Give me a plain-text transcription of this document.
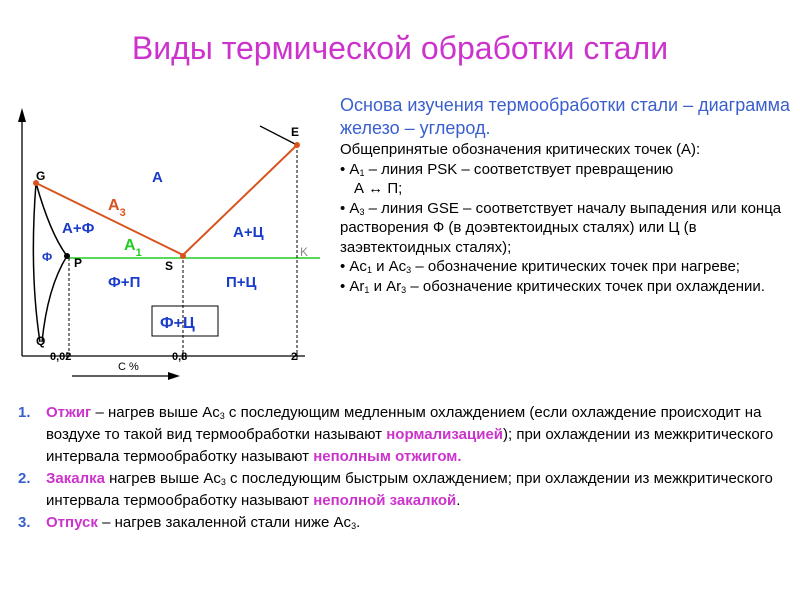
Виды термической обработки стали
G
E
S
P
Q
K
А
А+Ф	А+Ц
Ф
Ф+П	П+Ц
Ф+Ц
$A_3$
$A_1$
0,02	0,8	2
С %
Основа изучения термообработки стали – диаграмма железо – углерод.

Общепринятые обозначения критических точек (А):

• $А_1$ – линия PSK – соответствует превращению

А ↔ П;

• $А_3$ – линия GSE – соответствует началу выпадения или конца растворения Ф (в доэвтектоидных сталях) или Ц (в заэвтектоидных сталях);

• $Ас_1$ и $Ас_3$ – обозначение критических точек при нагреве;

• $Аr_1$ и $Аr_3$ – обозначение критических точек при охлаждении.

1.	Отжиг – нагрев выше $Ас_3$ с последующим медленным охлаждением (если охлаждение происходит на воздухе то такой вид термообработки называют нормализацией); при охлаждении из межкритического интервала термообработку называют неполным отжигом.
2.	Закалка нагрев выше $Ас_3$ с последующим быстрым охлаждением; при охлаждении из межкритического интервала термообработку называют неполной закалкой.
3.	Отпуск – нагрев закаленной стали ниже $Ас_3$.
